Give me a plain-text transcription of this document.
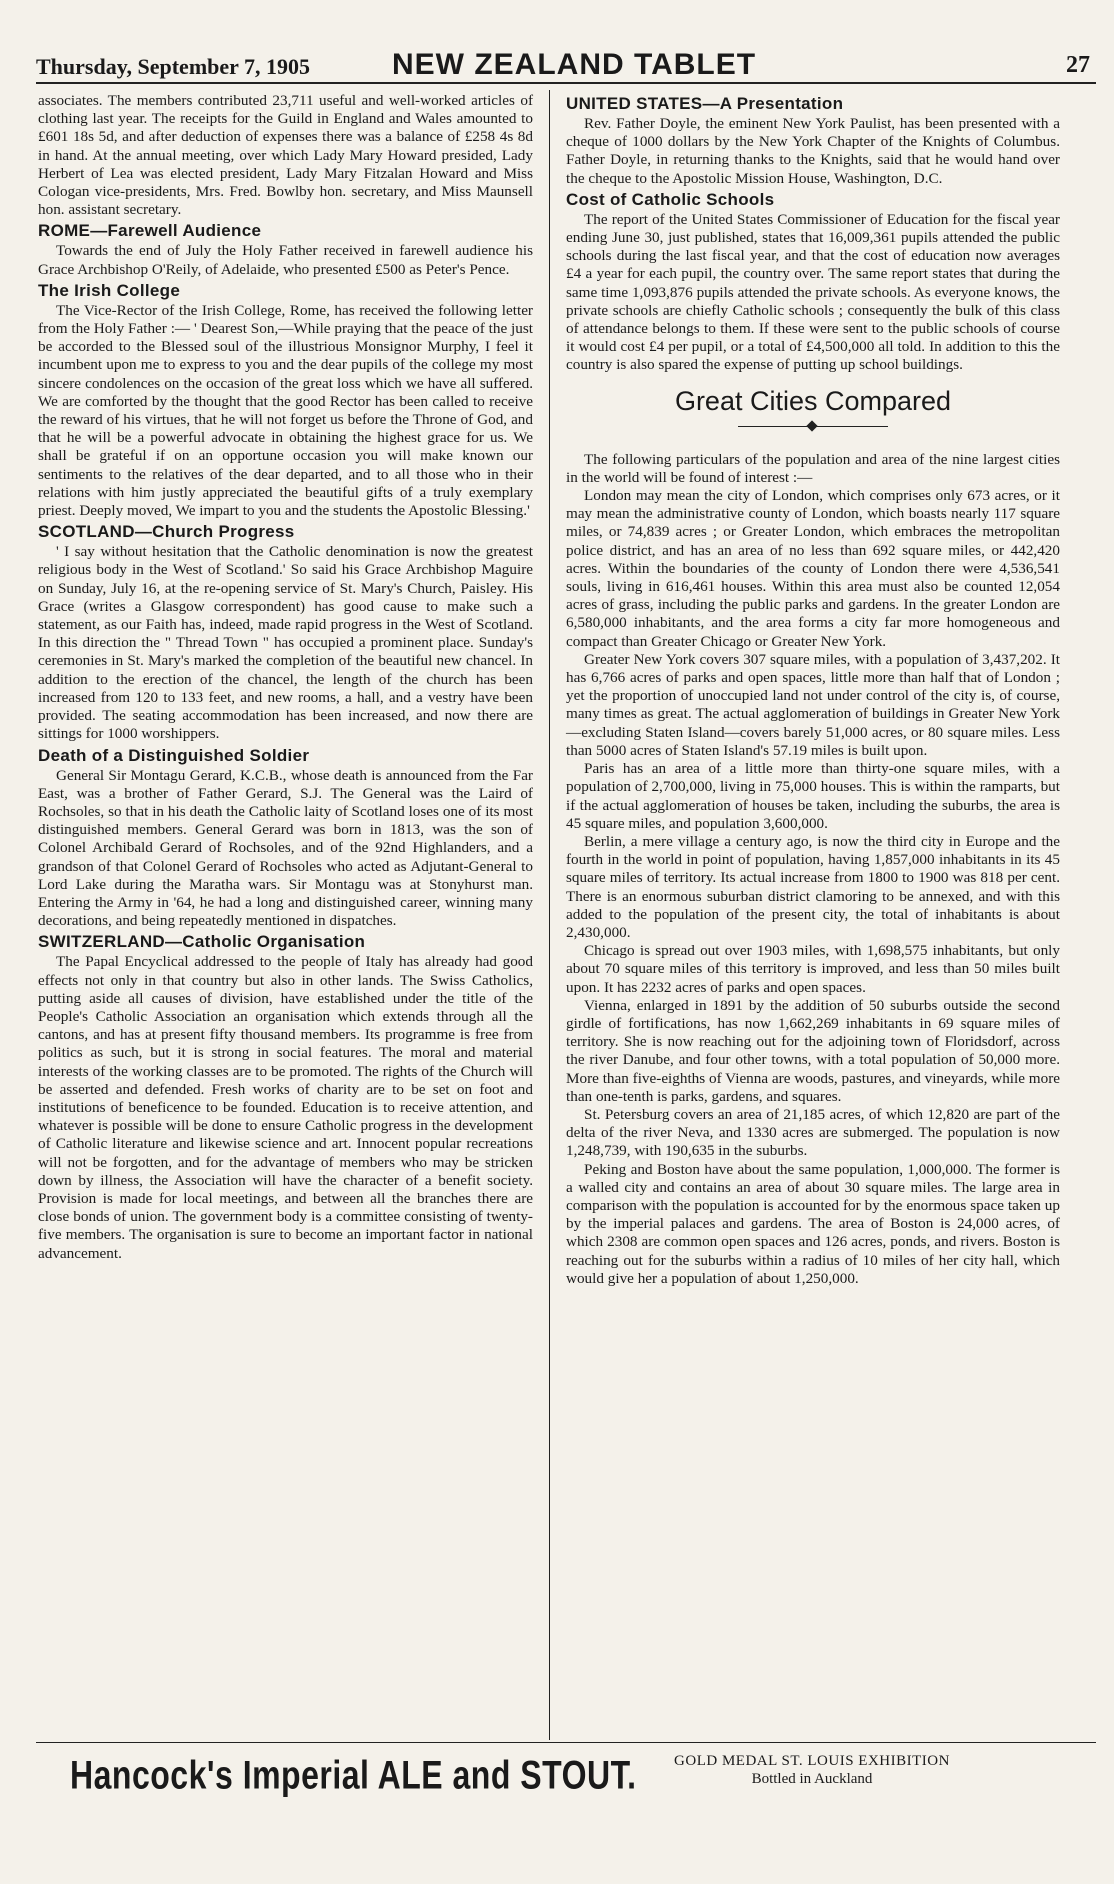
Thursday, September 7, 1905	NEW ZEALAND TABLET	27

associates. The members contributed 23,711 useful and well-worked articles of clothing last year. The receipts for the Guild in England and Wales amounted to £601 18s 5d, and after deduction of expenses there was a balance of £258 4s 8d in hand. At the annual meeting, over which Lady Mary Howard presided, Lady Herbert of Lea was elected president, Lady Mary Fitzalan Howard and Miss Cologan vice-presidents, Mrs. Fred. Bowlby hon. secretary, and Miss Maunsell hon. assistant secretary.

ROME—Farewell Audience

Towards the end of July the Holy Father received in farewell audience his Grace Archbishop O'Reily, of Adelaide, who presented £500 as Peter's Pence.

The Irish College

The Vice-Rector of the Irish College, Rome, has received the following letter from the Holy Father :— ' Dearest Son,—While praying that the peace of the just be accorded to the Blessed soul of the illustrious Monsignor Murphy, I feel it incumbent upon me to express to you and the dear pupils of the college my most sincere condolences on the occasion of the great loss which we have all suffered. We are comforted by the thought that the good Rector has been called to receive the reward of his virtues, that he will not forget us before the Throne of God, and that he will be a powerful advocate in obtaining the highest grace for us. We shall be grateful if on an opportune occasion you will make known our sentiments to the relatives of the dear departed, and to all those who in their relations with him justly appreciated the beautiful gifts of a truly exemplary priest. Deeply moved, We impart to you and the students the Apostolic Blessing.'

SCOTLAND—Church Progress

' I say without hesitation that the Catholic denomination is now the greatest religious body in the West of Scotland.' So said his Grace Archbishop Maguire on Sunday, July 16, at the re-opening service of St. Mary's Church, Paisley. His Grace (writes a Glasgow correspondent) has good cause to make such a statement, as our Faith has, indeed, made rapid progress in the West of Scotland. In this direction the " Thread Town " has occupied a prominent place. Sunday's ceremonies in St. Mary's marked the completion of the beautiful new chancel. In addition to the erection of the chancel, the length of the church has been increased from 120 to 133 feet, and new rooms, a hall, and a vestry have been provided. The seating accommodation has been increased, and now there are sittings for 1000 worshippers.

Death of a Distinguished Soldier

General Sir Montagu Gerard, K.C.B., whose death is announced from the Far East, was a brother of Father Gerard, S.J. The General was the Laird of Rochsoles, so that in his death the Catholic laity of Scotland loses one of its most distinguished members. General Gerard was born in 1813, was the son of Colonel Archibald Gerard of Rochsoles, and of the 92nd Highlanders, and a grandson of that Colonel Gerard of Rochsoles who acted as Adjutant-General to Lord Lake during the Maratha wars. Sir Montagu was at Stonyhurst man. Entering the Army in '64, he had a long and distinguished career, winning many decorations, and being repeatedly mentioned in dispatches.

SWITZERLAND—Catholic Organisation

The Papal Encyclical addressed to the people of Italy has already had good effects not only in that country but also in other lands. The Swiss Catholics, putting aside all causes of division, have established under the title of the People's Catholic Association an organisation which extends through all the cantons, and has at present fifty thousand members. Its programme is free from politics as such, but it is strong in social features. The moral and material interests of the working classes are to be promoted. The rights of the Church will be asserted and defended. Fresh works of charity are to be set on foot and institutions of beneficence to be founded. Education is to receive attention, and whatever is possible will be done to ensure Catholic progress in the development of Catholic literature and likewise science and art. Innocent popular recreations will not be forgotten, and for the advantage of members who may be stricken down by illness, the Association will have the character of a benefit society. Provision is made for local meetings, and between all the branches there are close bonds of union. The government body is a committee consisting of twenty-five members. The organisation is sure to become an important factor in national advancement.

UNITED STATES—A Presentation

Rev. Father Doyle, the eminent New York Paulist, has been presented with a cheque of 1000 dollars by the New York Chapter of the Knights of Columbus. Father Doyle, in returning thanks to the Knights, said that he would hand over the cheque to the Apostolic Mission House, Washington, D.C.

Cost of Catholic Schools

The report of the United States Commissioner of Education for the fiscal year ending June 30, just published, states that 16,009,361 pupils attended the public schools during the last fiscal year, and that the cost of education now averages £4 a year for each pupil, the country over. The same report states that during the same time 1,093,876 pupils attended the private schools. As everyone knows, the private schools are chiefly Catholic schools ; consequently the bulk of this class of attendance belongs to them. If these were sent to the public schools of course it would cost £4 per pupil, or a total of £4,500,000 all told. In addition to this the country is also spared the expense of putting up school buildings.

Great Cities Compared

The following particulars of the population and area of the nine largest cities in the world will be found of interest :—

London may mean the city of London, which comprises only 673 acres, or it may mean the administrative county of London, which boasts nearly 117 square miles, or 74,839 acres ; or Greater London, which embraces the metropolitan police district, and has an area of no less than 692 square miles, or 442,420 acres. Within the boundaries of the county of London there were 4,536,541 souls, living in 616,461 houses. Within this area must also be counted 12,054 acres of grass, including the public parks and gardens. In the greater London are 6,580,000 inhabitants, and the area forms a city far more homogeneous and compact than Greater Chicago or Greater New York.

Greater New York covers 307 square miles, with a population of 3,437,202. It has 6,766 acres of parks and open spaces, little more than half that of London ; yet the proportion of unoccupied land not under control of the city is, of course, many times as great. The actual agglomeration of buildings in Greater New York—excluding Staten Island—covers barely 51,000 acres, or 80 square miles. Less than 5000 acres of Staten Island's 57.19 miles is built upon.

Paris has an area of a little more than thirty-one square miles, with a population of 2,700,000, living in 75,000 houses. This is within the ramparts, but if the actual agglomeration of houses be taken, including the suburbs, the area is 45 square miles, and population 3,600,000.

Berlin, a mere village a century ago, is now the third city in Europe and the fourth in the world in point of population, having 1,857,000 inhabitants in its 45 square miles of territory. Its actual increase from 1800 to 1900 was 818 per cent. There is an enormous suburban district clamoring to be annexed, and with this added to the population of the present city, the total of inhabitants is about 2,430,000.

Chicago is spread out over 1903 miles, with 1,698,575 inhabitants, but only about 70 square miles of this territory is improved, and less than 50 miles built upon. It has 2232 acres of parks and open spaces.

Vienna, enlarged in 1891 by the addition of 50 suburbs outside the second girdle of fortifications, has now 1,662,269 inhabitants in 69 square miles of territory. She is now reaching out for the adjoining town of Floridsdorf, across the river Danube, and four other towns, with a total population of 50,000 more. More than five-eighths of Vienna are woods, pastures, and vineyards, while more than one-tenth is parks, gardens, and squares.

St. Petersburg covers an area of 21,185 acres, of which 12,820 are part of the delta of the river Neva, and 1330 acres are submerged. The population is now 1,248,739, with 190,635 in the suburbs.

Peking and Boston have about the same population, 1,000,000. The former is a walled city and contains an area of about 30 square miles. The large area in comparison with the population is accounted for by the enormous space taken up by the imperial palaces and gardens. The area of Boston is 24,000 acres, of which 2308 are common open spaces and 126 acres, ponds, and rivers. Boston is reaching out for the suburbs within a radius of 10 miles of her city hall, which would give her a population of about 1,250,000.

Hancock's Imperial ALE and STOUT.	GOLD MEDAL ST. LOUIS EXHIBITION
Bottled in Auckland
